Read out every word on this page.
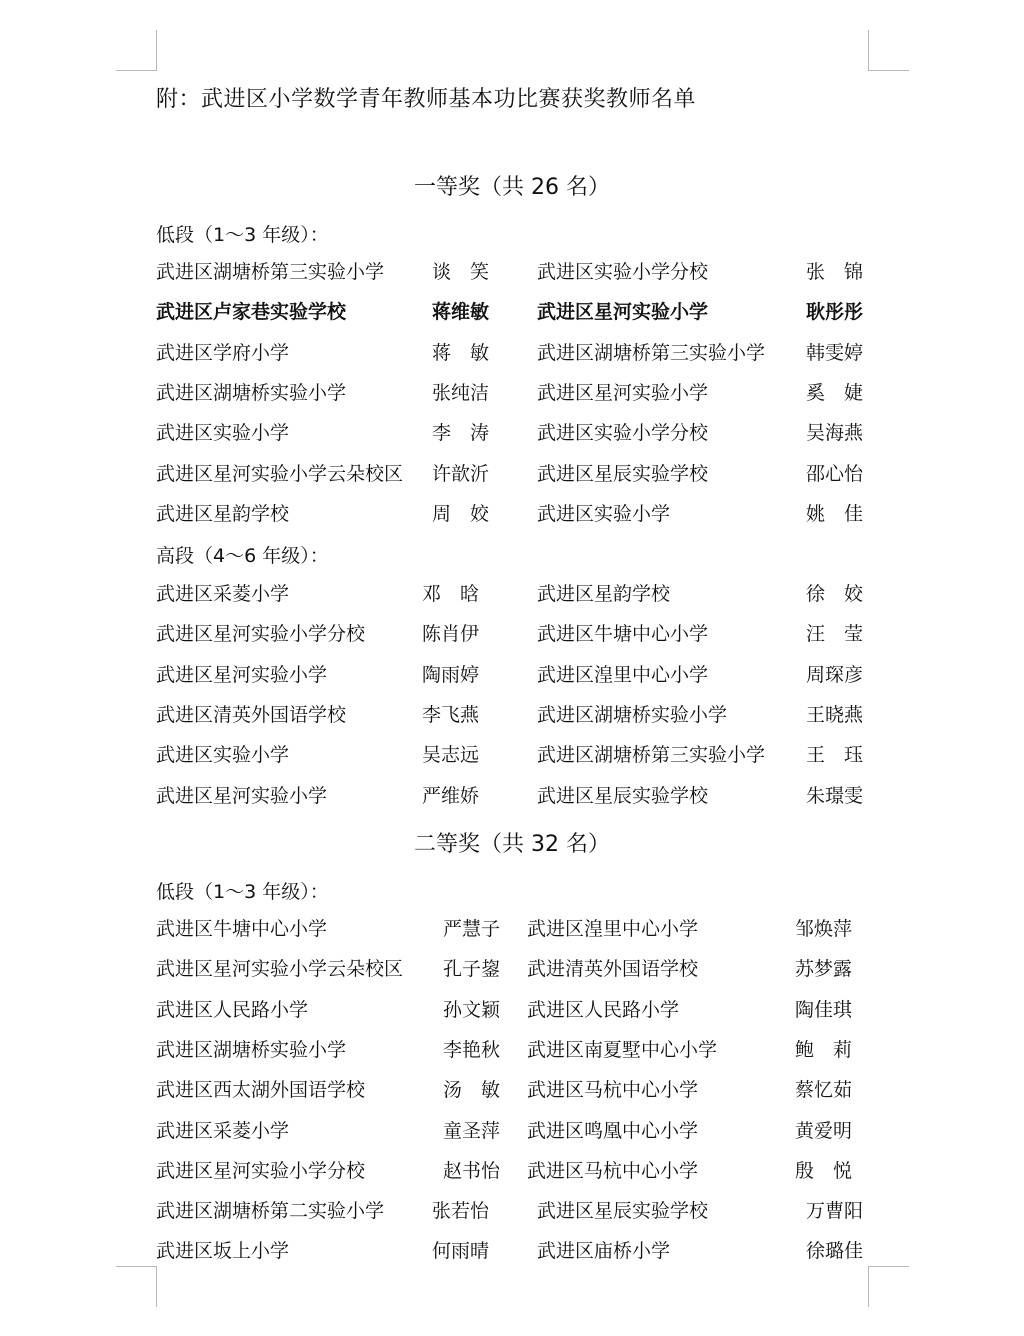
附：武进区小学数学青年教师基本功比赛获奖教师名单
一等奖（共 26 名）
低段（1～3 年级）：
武进区湖塘桥第三实验小学	谈　笑	武进区实验小学分校	张　锦
武进区卢家巷实验学校	蒋维敏	武进区星河实验小学	耿彤彤
武进区学府小学	蒋　敏	武进区湖塘桥第三实验小学 韩雯婷
武进区湖塘桥实验小学	张纯洁	武进区星河实验小学	奚　婕
武进区实验小学	李　涛	武进区实验小学分校	吴海燕
武进区星河实验小学云朵校区 许歆沂	武进区星辰实验学校	邵心怡
武进区星韵学校	周　姣	武进区实验小学	姚　佳
高段（4～6 年级）：
武进区采菱小学	邓　晗	武进区星韵学校	徐　姣
武进区星河实验小学分校	陈肖伊	武进区牛塘中心小学	汪　莹
武进区星河实验小学	陶雨婷	武进区湟里中心小学	周琛彦
武进区清英外国语学校	李飞燕	武进区湖塘桥实验小学	王晓燕
武进区实验小学	吴志远	武进区湖塘桥第三实验小学 王　珏
武进区星河实验小学	严维娇	武进区星辰实验学校	朱璟雯
二等奖（共 32 名）
低段（1～3 年级）：
武进区牛塘中心小学	严慧子 武进区湟里中心小学	邹焕萍
武进区星河实验小学云朵校区 孔子鋆 武进清英外国语学校	苏梦露
武进区人民路小学	孙文颖 武进区人民路小学	陶佳琪
武进区湖塘桥实验小学	李艳秋 武进区南夏墅中心小学	鲍　莉
武进区西太湖外国语学校	汤　敏 武进区马杭中心小学	蔡忆茹
武进区采菱小学	童圣萍 武进区鸣凰中心小学	黄爱明
武进区星河实验小学分校	赵书怡 武进区马杭中心小学	殷　悦
武进区湖塘桥第二实验小学	张若怡	武进区星辰实验学校	万曹阳
武进区坂上小学	何雨晴	武进区庙桥小学	徐璐佳
